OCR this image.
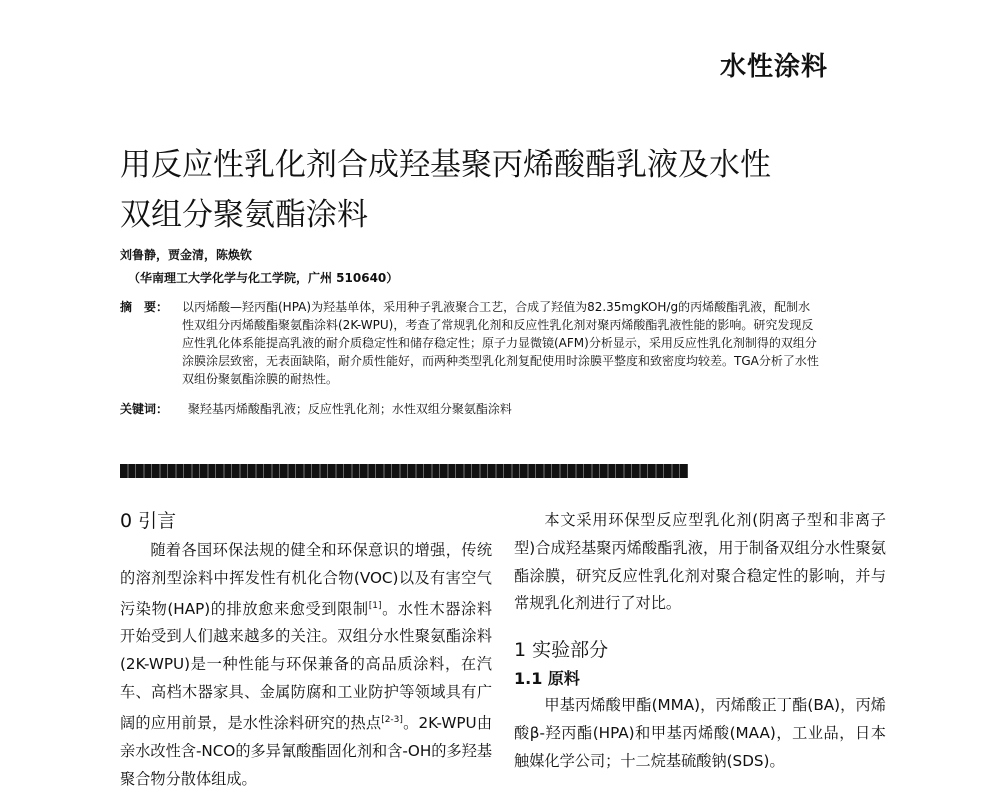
水性涂料
用反应性乳化剂合成羟基聚丙烯酸酯乳液及水性
双组分聚氨酯涂料
刘鲁静，贾金清，陈焕钦
（华南理工大学化学与化工学院，广州 510640）
摘　要：	以丙烯酸—羟丙酯(HPA)为羟基单体，采用种子乳液聚合工艺，合成了羟值为82.35mgKOH/g的丙烯酸酯乳液，配制水性双组分丙烯酸酯聚氨酯涂料(2K-WPU)，考查了常规乳化剂和反应性乳化剂对聚丙烯酸酯乳液性能的影响。研究发现反应性乳化体系能提高乳液的耐介质稳定性和储存稳定性；原子力显微镜(AFM)分析显示，采用反应性乳化剂制得的双组分涂膜涂层致密，无表面缺陷，耐介质性能好，而两种类型乳化剂复配使用时涂膜平整度和致密度均较差。TGA分析了水性双组份聚氨酯涂膜的耐热性。
关键词： 聚羟基丙烯酸酯乳液；反应性乳化剂；水性双组分聚氨酯涂料
0 引言

随着各国环保法规的健全和环保意识的增强，传统的溶剂型涂料中挥发性有机化合物(VOC)以及有害空气污染物(HAP)的排放愈来愈受到限制[1]。水性木器涂料开始受到人们越来越多的关注。双组分水性聚氨酯涂料(2K-WPU)是一种性能与环保兼备的高品质涂料，在汽车、高档木器家具、金属防腐和工业防护等领域具有广阔的应用前景，是水性涂料研究的热点[2-3]。2K-WPU由亲水改性含-NCO的多异氰酸酯固化剂和含-OH的多羟基聚合物分散体组成。

本文采用环保型反应型乳化剂(阴离子型和非离子型)合成羟基聚丙烯酸酯乳液，用于制备双组分水性聚氨酯涂膜，研究反应性乳化剂对聚合稳定性的影响，并与常规乳化剂进行了对比。

1 实验部分
1.1 原料

甲基丙烯酸甲酯(MMA)，丙烯酸正丁酯(BA)，丙烯酸β-羟丙酯(HPA)和甲基丙烯酸(MAA)，工业品，日本触媒化学公司；十二烷基硫酸钠(SDS)。
